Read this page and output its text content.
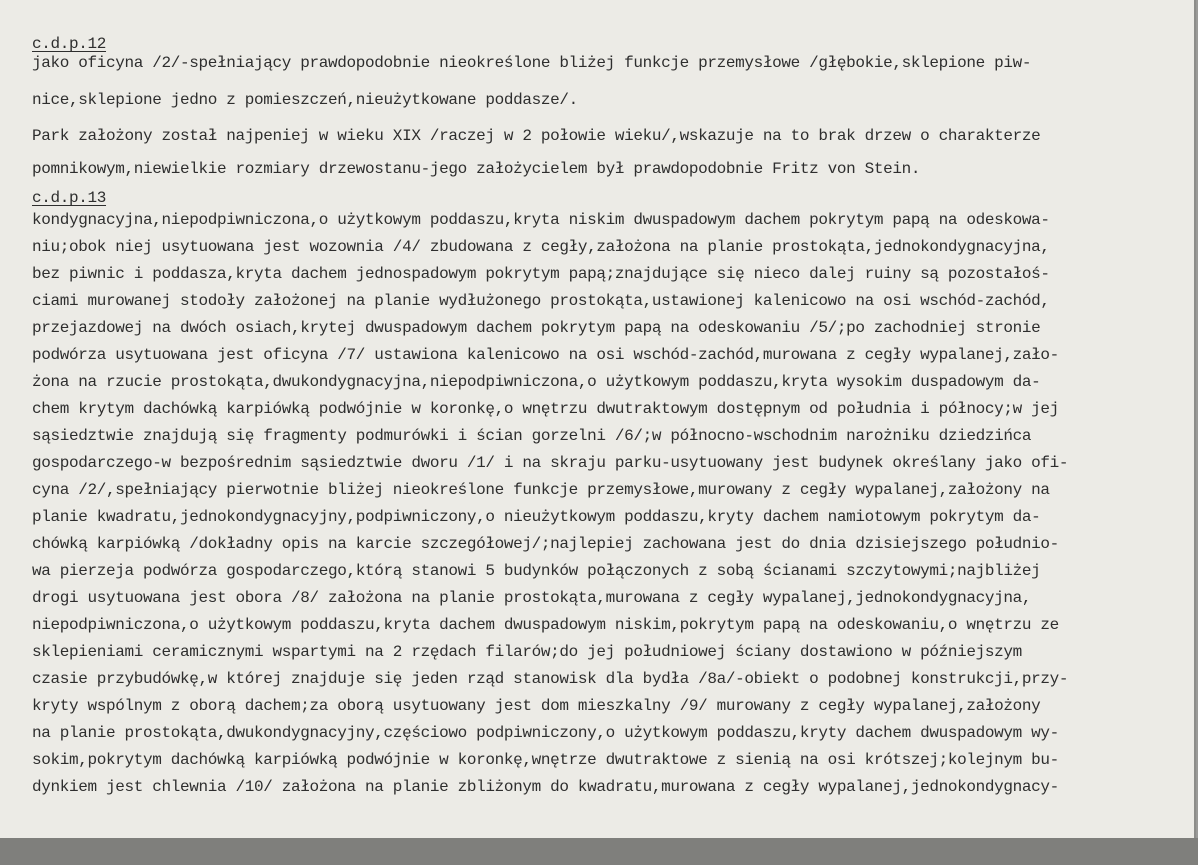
c.d.p.12
jako oficyna /2/-spełniający prawdopodobnie nieokreślone bliżej funkcje przemysłowe /głębokie,sklepione piw-
nice,sklepione jedno z pomieszczeń,nieużytkowane poddasze/.
Park założony został najpeniej w wieku XIX /raczej w 2 połowie wieku/,wskazuje na to brak drzew o charakterze
pomnikowym,niewielkie rozmiary drzewostanu-jego założycielem był prawdopodobnie Fritz von Stein.
c.d.p.13
kondygnacyjna,niepodpiwniczona,o użytkowym poddaszu,kryta niskim dwuspadowym dachem pokrytym papą na odeskowa-
niu;obok niej usytuowana jest wozownia /4/ zbudowana z cegły,założona na planie prostokąta,jednokondygnacyjna,
bez piwnic i poddasza,kryta dachem jednospadowym pokrytym papą;znajdujące się nieco dalej ruiny są pozostałoś-
ciami murowanej stodoły założonej na planie wydłużonego prostokąta,ustawionej kalenicowo na osi wschód-zachód,
przejazdowej na dwóch osiach,krytej dwuspadowym dachem pokrytym papą na odeskowaniu /5/;po zachodniej stronie
podwórza usytuowana jest oficyna /7/ ustawiona kalenicowo na osi wschód-zachód,murowana z cegły wypalanej,zało-
żona na rzucie prostokąta,dwukondygnacyjna,niepodpiwniczona,o użytkowym poddaszu,kryta wysokim duspadowym da-
chem krytym dachówką karpiówką podwójnie w koronkę,o wnętrzu dwutraktowym dostępnym od południa i północy;w jej
sąsiedztwie znajdują się fragmenty podmurówki i ścian gorzelni /6/;w północno-wschodnim narożniku dziedzińca
gospodarczego-w bezpośrednim sąsiedztwie dworu /1/ i na skraju parku-usytuowany jest budynek określany jako ofi-
cyna /2/,spełniający pierwotnie bliżej nieokreślone funkcje przemysłowe,murowany z cegły wypalanej,założony na
planie kwadratu,jednokondygnacyjny,podpiwniczony,o nieużytkowym poddaszu,kryty dachem namiotowym pokrytym da-
chówką karpiówką /dokładny opis na karcie szczegółowej/;najlepiej zachowana jest do dnia dzisiejszego południo-
wa pierzeja podwórza gospodarczego,którą stanowi 5 budynków połączonych z sobą ścianami szczytowymi;najbliżej
drogi usytuowana jest obora /8/ założona na planie prostokąta,murowana z cegły wypalanej,jednokondygnacyjna,
niepodpiwniczona,o użytkowym poddaszu,kryta dachem dwuspadowym niskim,pokrytym papą na odeskowaniu,o wnętrzu ze
sklepieniami ceramicznymi wspartymi na 2 rzędach filarów;do jej południowej ściany dostawiono w późniejszym
czasie przybudówkę,w której znajduje się jeden rząd stanowisk dla bydła /8a/-obiekt o podobnej konstrukcji,przy-
kryty wspólnym z oborą dachem;za oborą usytuowany jest dom mieszkalny /9/ murowany z cegły wypalanej,założony
na planie prostokąta,dwukondygnacyjny,częściowo podpiwniczony,o użytkowym poddaszu,kryty dachem dwuspadowym wy-
sokim,pokrytym dachówką karpiówką podwójnie w koronkę,wnętrze dwutraktowe z sienią na osi krótszej;kolejnym bu-
dynkiem jest chlewnia /10/ założona na planie zbliżonym do kwadratu,murowana z cegły wypalanej,jednokondygnacy-
